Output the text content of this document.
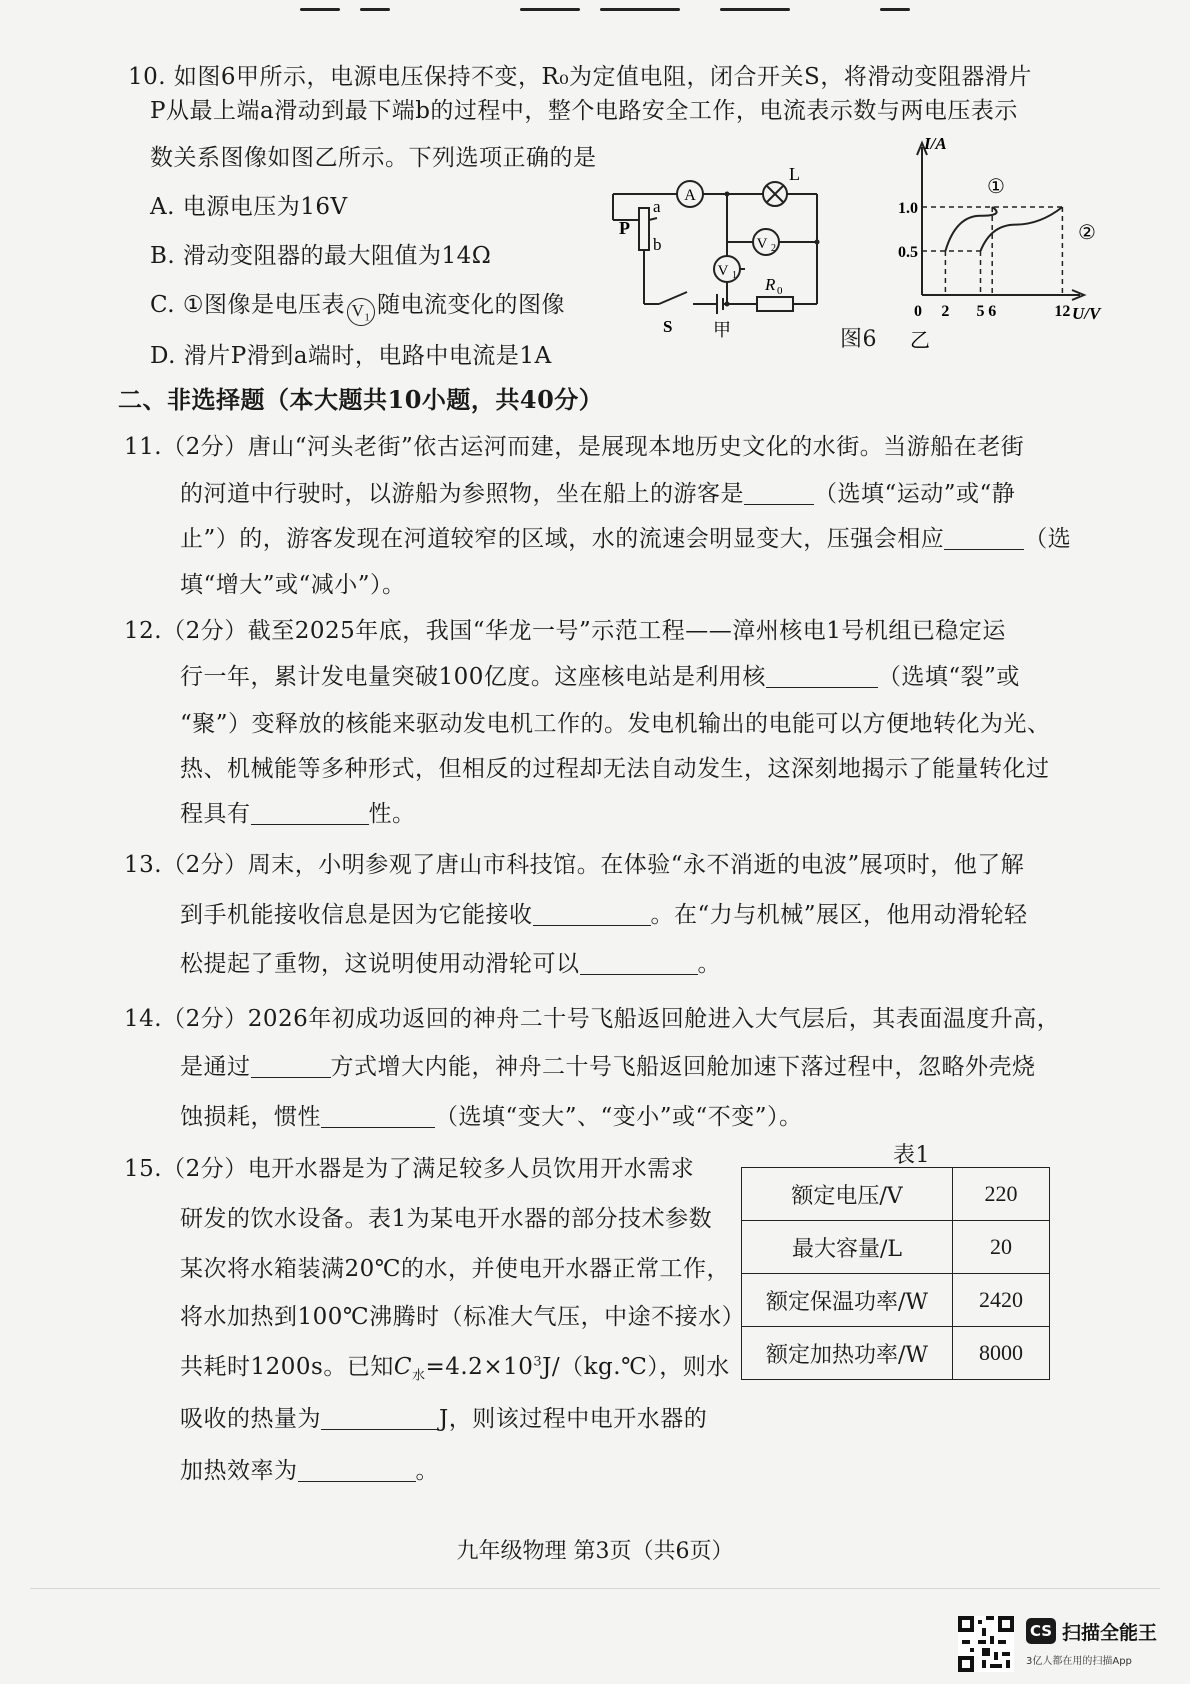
10. 如图6甲所示，电源电压保持不变，R₀为定值电阻，闭合开关S，将滑动变阻器滑片
P从最上端a滑动到最下端b的过程中，整个电路安全工作，电流表示数与两电压表示
数关系图像如图乙所示。下列选项正确的是
A. 电源电压为16V
B. 滑动变阻器的最大阻值为14Ω
C. ①图像是电压表 $V_1$ 随电流变化的图像
D. 滑片P滑到a端时，电路中电流是1A
A
L
V 2
V 1 R 0
P
a
b
S 甲
I/A
U/V
1.0
0.5
0 2 5 6	12
①
②
乙
图6
二、非选择题（本大题共10小题，共40分）
11.（2分）唐山“河头老街”依古运河而建，是展现本地历史文化的水街。当游船在老街
的河道中行驶时，以游船为参照物，坐在船上的游客是	（选填“运动”或“静
止”）的，游客发现在河道较窄的区域，水的流速会明显变大，压强会相应	（选
填“增大”或“减小”）。
12.（2分）截至2025年底，我国“华龙一号”示范工程——漳州核电1号机组已稳定运
行一年，累计发电量突破100亿度。这座核电站是利用核	（选填“裂”或
“聚”）变释放的核能来驱动发电机工作的。发电机输出的电能可以方便地转化为光、
热、机械能等多种形式，但相反的过程却无法自动发生，这深刻地揭示了能量转化过
程具有	性。
13.（2分）周末，小明参观了唐山市科技馆。在体验“永不消逝的电波”展项时，他了解
到手机能接收信息是因为它能接收	。在“力与机械”展区，他用动滑轮轻
松提起了重物，这说明使用动滑轮可以	。
14.（2分）2026年初成功返回的神舟二十号飞船返回舱进入大气层后，其表面温度升高，
是通过	方式增大内能，神舟二十号飞船返回舱加速下落过程中，忽略外壳烧
蚀损耗，惯性	（选填“变大”、“变小”或“不变”）。
15.（2分）电开水器是为了满足较多人员饮用开水需求
研发的饮水设备。表1为某电开水器的部分技术参数
某次将水箱装满20℃的水，并使电开水器正常工作，
将水加热到100℃沸腾时（标准大气压，中途不接水）
共耗时1200s。已知$C_水=4.2\times 10^3J/(kg.℃)$，则水
吸收的热量为	J，则该过程中电开水器的
加热效率为	。
表1
额定电压/V	220
最大容量/L	20
额定保温功率/W	2420
额定加热功率/W	8000
九年级物理 第3页（共6页）
CS 扫描全能王
3亿人都在用的扫描App
